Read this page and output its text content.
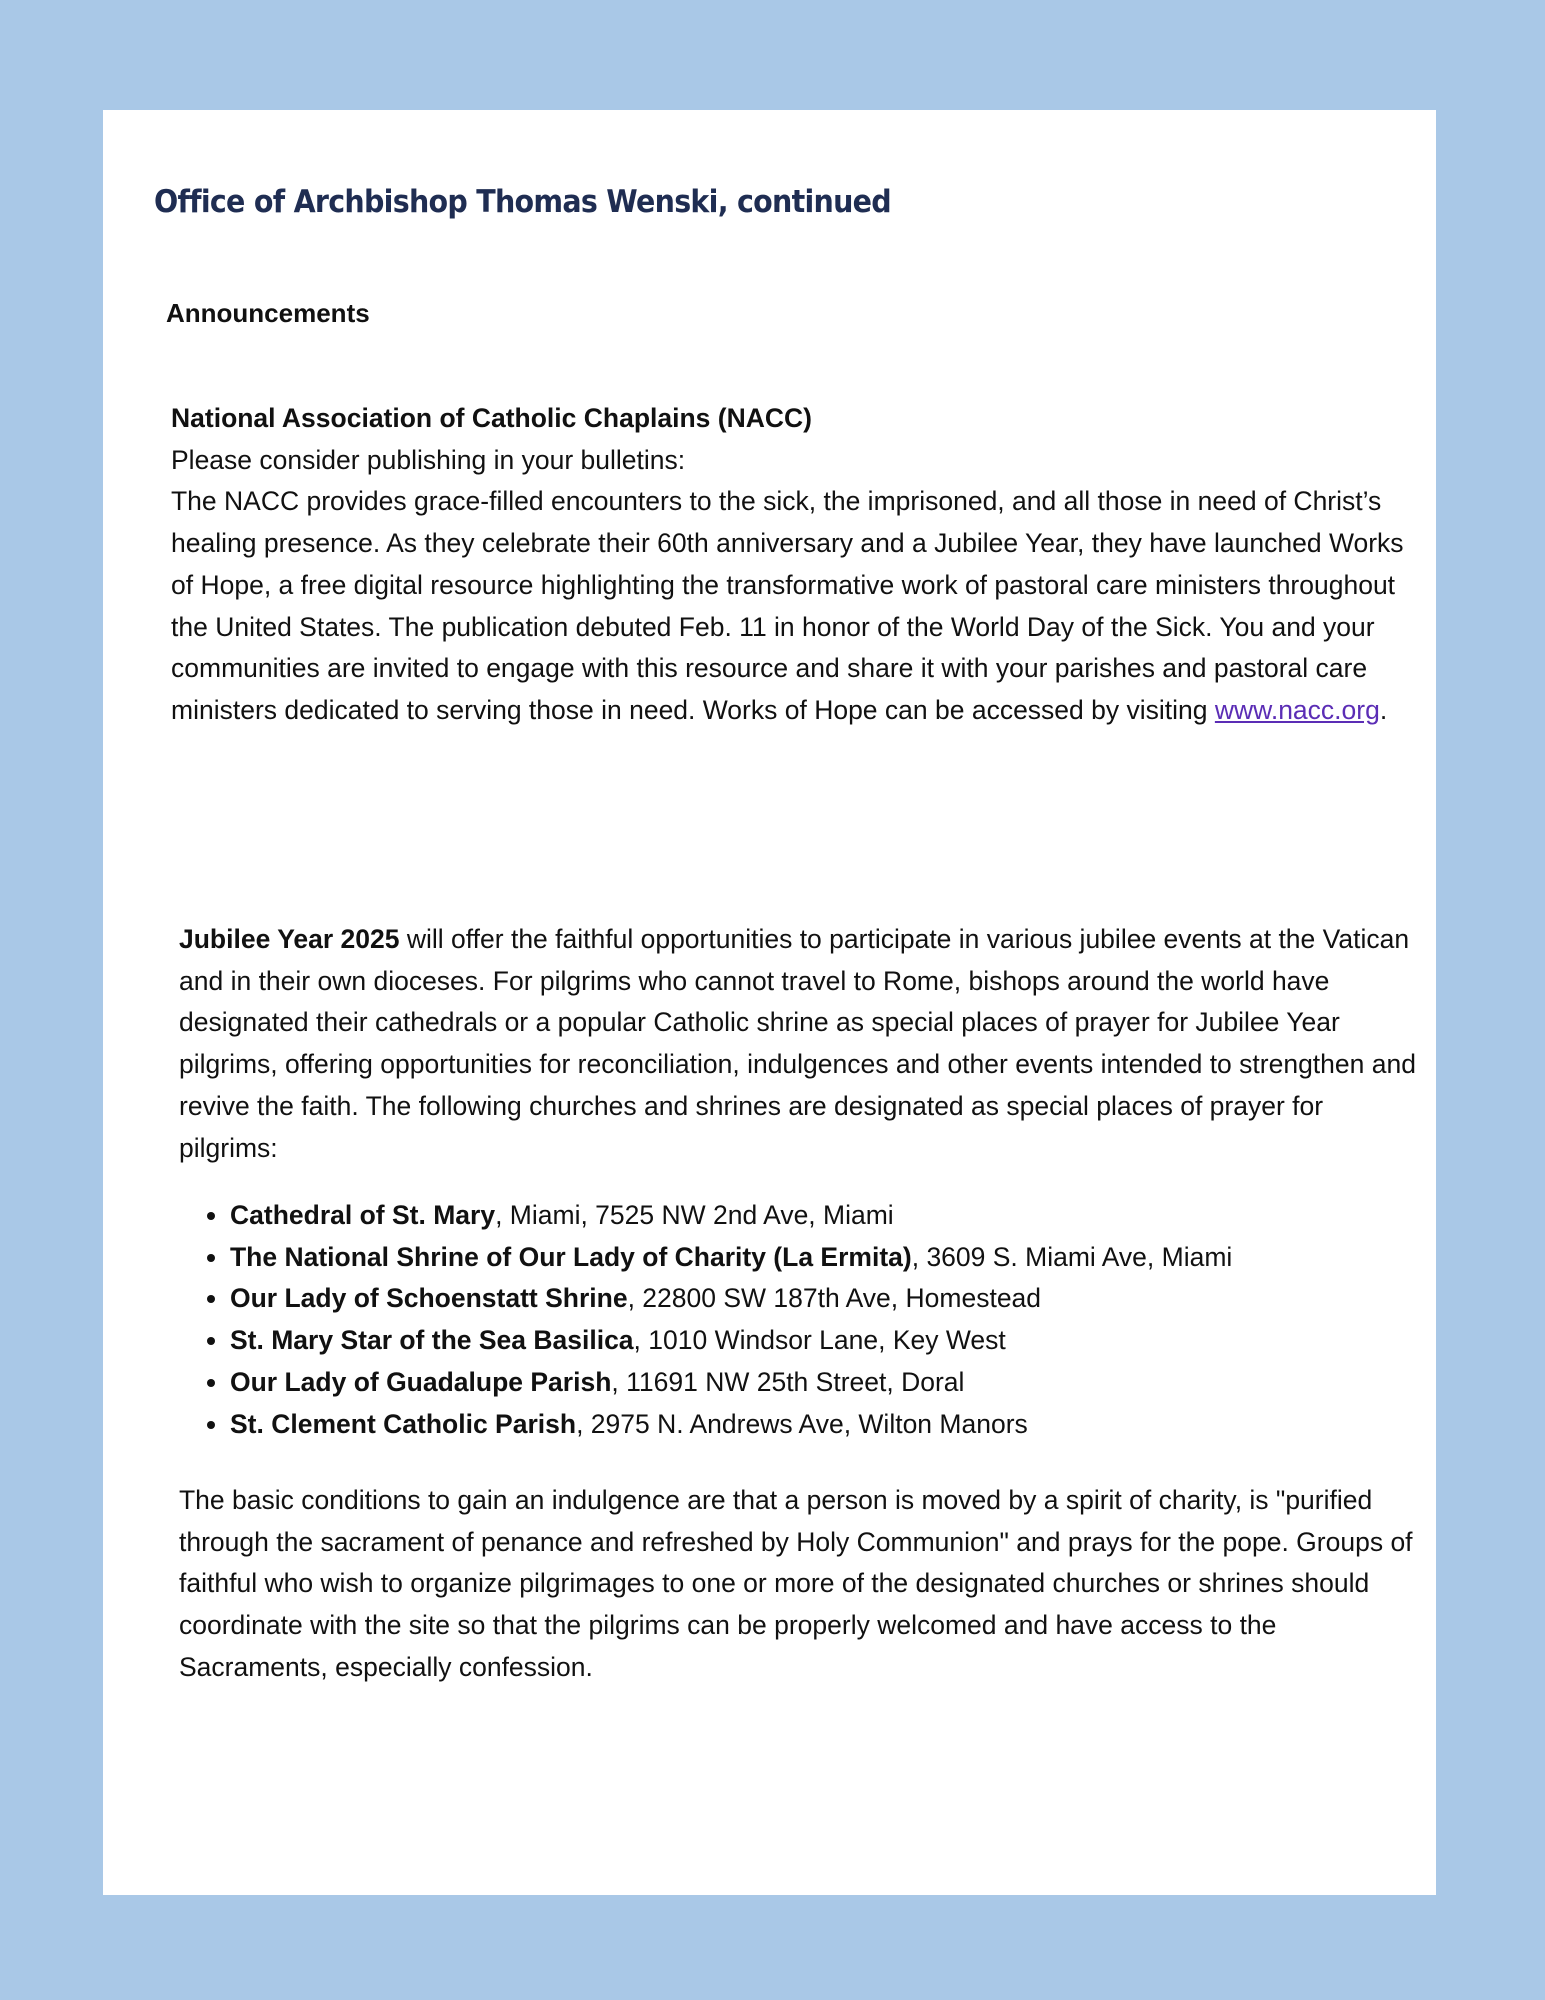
Office of Archbishop Thomas Wenski, continued
Announcements

National Association of Catholic Chaplains (NACC)

Please consider publishing in your bulletins:

The NACC provides grace-filled encounters to the sick, the imprisoned, and all those in need of Christ’s healing presence. As they celebrate their 60th anniversary and a Jubilee Year, they have launched Works of Hope, a free digital resource highlighting the transformative work of pastoral care ministers throughout the United States. The publication debuted Feb. 11 in honor of the World Day of the Sick. You and your communities are invited to engage with this resource and share it with your parishes and pastoral care ministers dedicated to serving those in need. Works of Hope can be accessed by visiting www.nacc.org.

Jubilee Year 2025 will offer the faithful opportunities to participate in various jubilee events at the Vatican and in their own dioceses. For pilgrims who cannot travel to Rome, bishops around the world have designated their cathedrals or a popular Catholic shrine as special places of prayer for Jubilee Year pilgrims, offering opportunities for reconciliation, indulgences and other events intended to strengthen and revive the faith. The following churches and shrines are designated as special places of prayer for pilgrims:

• Cathedral of St. Mary, Miami, 7525 NW 2nd Ave, Miami
• The National Shrine of Our Lady of Charity (La Ermita), 3609 S. Miami Ave, Miami
• Our Lady of Schoenstatt Shrine, 22800 SW 187th Ave, Homestead
• St. Mary Star of the Sea Basilica, 1010 Windsor Lane, Key West
• Our Lady of Guadalupe Parish, 11691 NW 25th Street, Doral
• St. Clement Catholic Parish, 2975 N. Andrews Ave, Wilton Manors
The basic conditions to gain an indulgence are that a person is moved by a spirit of charity, is "purified through the sacrament of penance and refreshed by Holy Communion" and prays for the pope. Groups of faithful who wish to organize pilgrimages to one or more of the designated churches or shrines should coordinate with the site so that the pilgrims can be properly welcomed and have access to the Sacraments, especially confession.
